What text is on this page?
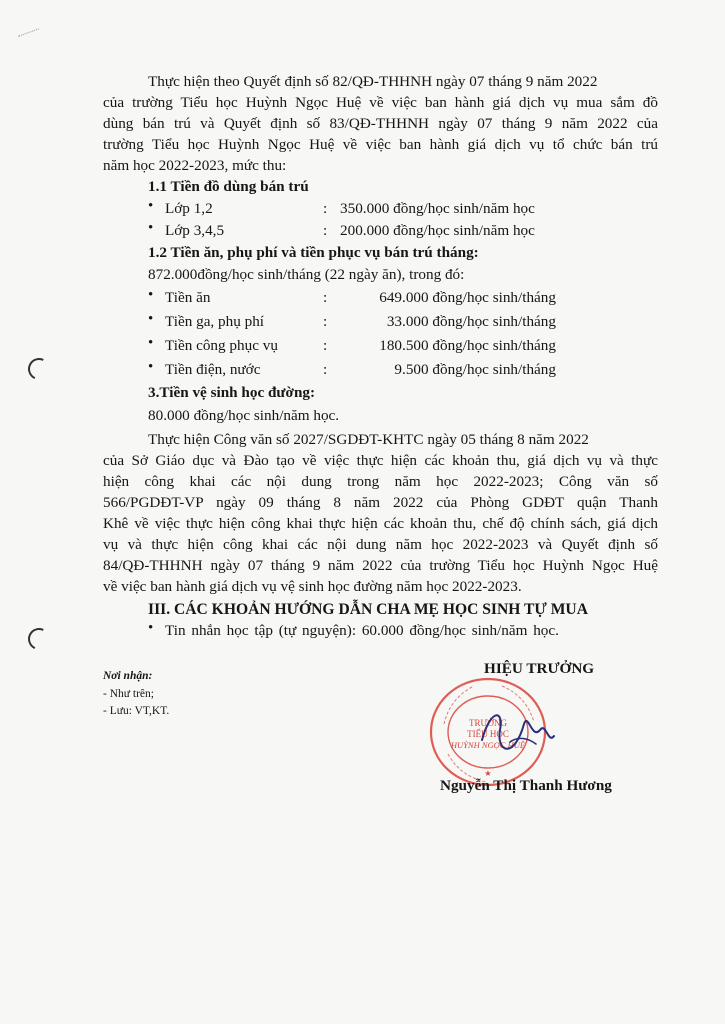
Thực hiện theo Quyết định số 82/QĐ-THHNH ngày 07 tháng 9 năm 2022
của trường Tiểu học Huỳnh Ngọc Huệ về việc ban hành giá dịch vụ mua sắm đồ
dùng bán trú và Quyết định số 83/QĐ-THHNH ngày 07 tháng 9 năm 2022 của
trường Tiểu học Huỳnh Ngọc Huệ về việc ban hành giá dịch vụ tổ chức bán trú
năm học 2022-2023, mức thu:
1.1 Tiền đồ dùng bán trú
• Lớp 1,2	: 350.000 đồng/học sinh/năm học
• Lớp 3,4,5	: 200.000 đồng/học sinh/năm học
1.2 Tiền ăn, phụ phí và tiền phục vụ bán trú tháng:
872.000đồng/học sinh/tháng (22 ngày ăn), trong đó:
• Tiền ăn	:	649.000 đồng/học sinh/tháng
• Tiền ga, phụ phí	:	33.000 đồng/học sinh/tháng
• Tiền công phục vụ	:	180.500 đồng/học sinh/tháng
• Tiền điện, nước	:	9.500 đồng/học sinh/tháng
3.Tiền vệ sinh học đường:
80.000 đồng/học sinh/năm học.
Thực hiện Công văn số 2027/SGDĐT-KHTC ngày 05 tháng 8 năm 2022
của Sở Giáo dục và Đào tạo về việc thực hiện các khoản thu, giá dịch vụ và thực
hiện công khai các nội dung trong năm học 2022-2023; Công văn số
566/PGDĐT-VP ngày 09 tháng 8 năm 2022 của Phòng GDĐT quận Thanh
Khê về việc thực hiện công khai thực hiện các khoản thu, chế độ chính sách, giá dịch
vụ và thực hiện công khai các nội dung năm học 2022-2023 và Quyết định số
84/QĐ-THHNH ngày 07 tháng 9 năm 2022 của trường Tiểu học Huỳnh Ngọc Huệ
về việc ban hành giá dịch vụ vệ sinh học đường năm học 2022-2023.
III. CÁC KHOẢN HƯỚNG DẪN CHA MẸ HỌC SINH TỰ MUA
• Tin nhắn học tập (tự nguyện): 60.000 đồng/học sinh/năm học.
Nơi nhận:
- Như trên;
- Lưu: VT,KT.
HIỆU TRƯỞNG
TRƯỜNG
TIỂU HỌC
HUỲNH NGỌC HUỆ
★
Nguyễn Thị Thanh Hương
